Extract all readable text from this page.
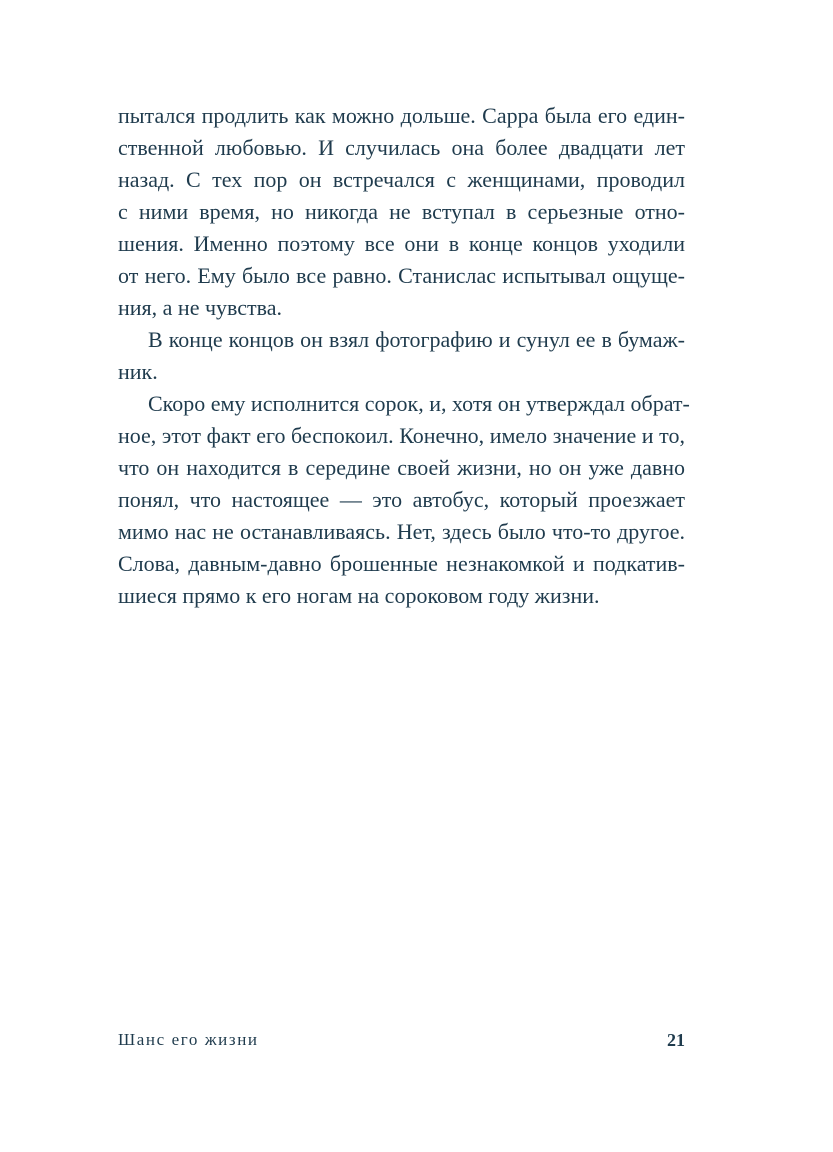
пытался продлить как можно дольше. Сарра была его един-
ственной любовью. И случилась она более двадцати лет
назад. С тех пор он встречался с женщинами, проводил
с ними время, но никогда не вступал в серьезные отно-
шения. Именно поэтому все они в конце концов уходили
от него. Ему было все равно. Станислас испытывал ощуще-
ния, а не чувства.
В конце концов он взял фотографию и сунул ее в бумаж-
ник.
Скоро ему исполнится сорок, и, хотя он утверждал обрат-
ное, этот факт его беспокоил. Конечно, имело значение и то,
что он находится в середине своей жизни, но он уже давно
понял, что настоящее — это автобус, который проезжает
мимо нас не останавливаясь. Нет, здесь было что-то другое.
Слова, давным-давно брошенные незнакомкой и подкатив-
шиеся прямо к его ногам на сороковом году жизни.
Шанс его жизни	21
